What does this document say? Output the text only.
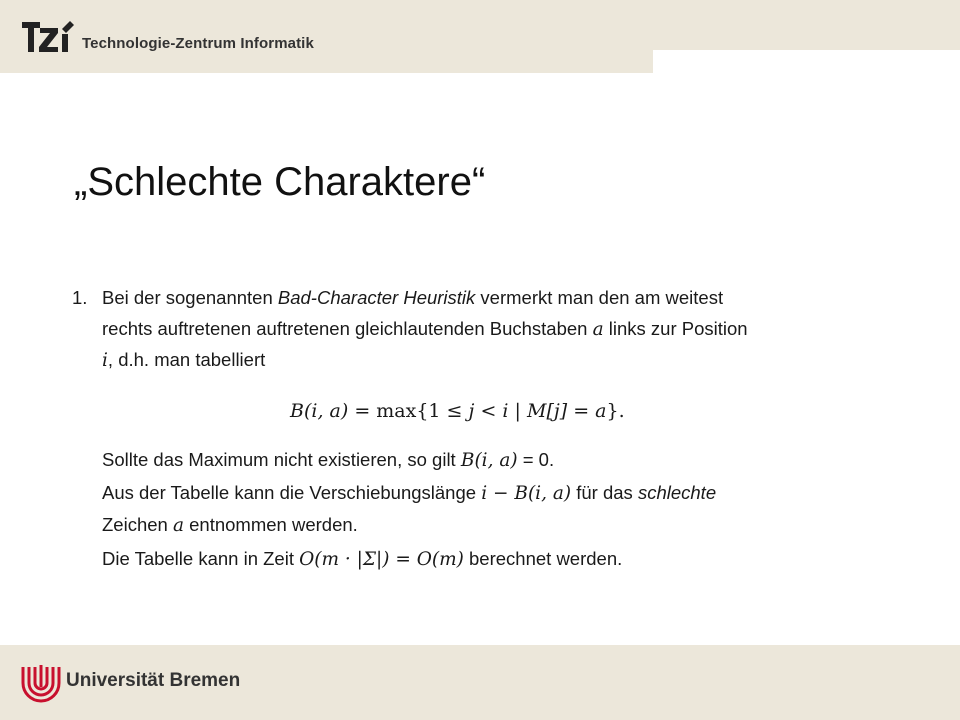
Technologie-Zentrum Informatik
„Schlechte Charaktere“
1. Bei der sogenannten Bad-Character Heuristik vermerkt man den am weitest
rechts auftretenen auftretenen gleichlautenden Buchstaben a links zur Position
i, d.h. man tabelliert
B(i, a) = max{1 ≤ j < i | M[j] = a}.
Sollte das Maximum nicht existieren, so gilt B(i, a) = 0.
Aus der Tabelle kann die Verschiebungslänge i − B(i, a) für das schlechte
Zeichen a entnommen werden.
Die Tabelle kann in Zeit O(m · |Σ|) = O(m) berechnet werden.
Universität Bremen
